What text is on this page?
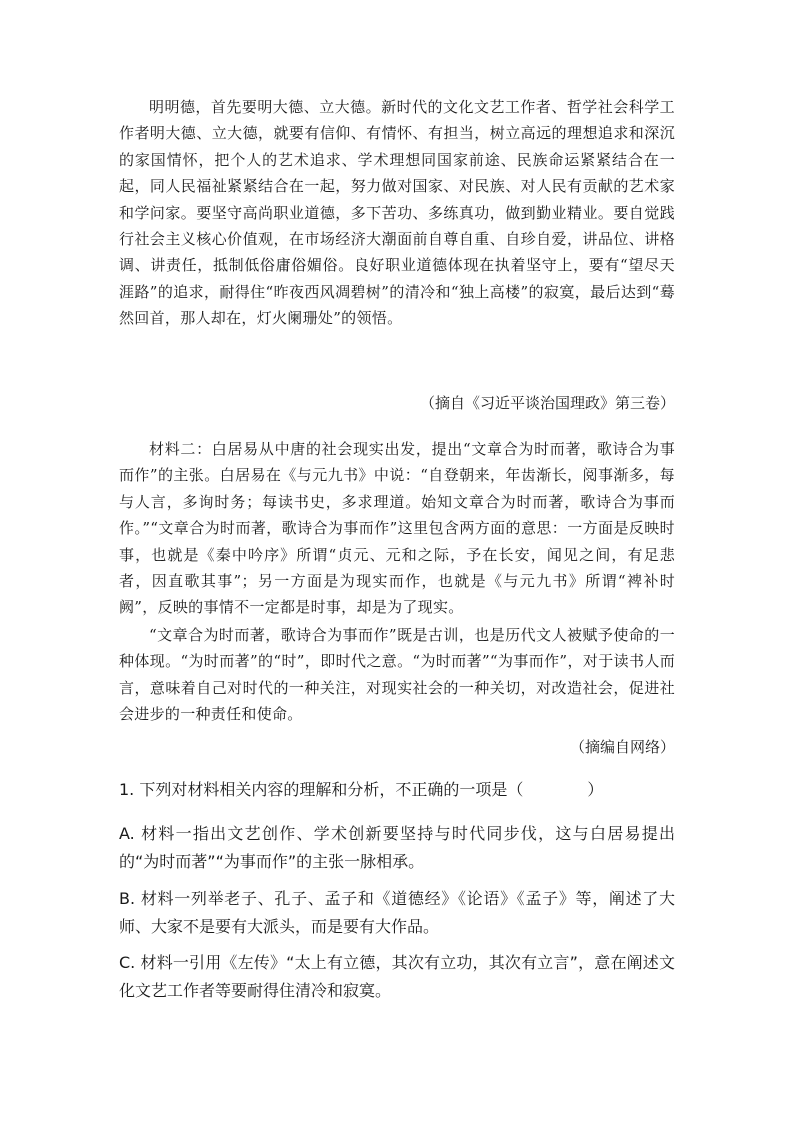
明明德，首先要明大德、立大德。新时代的文化文艺工作者、哲学社会科学工作者明大德、立大德，就要有信仰、有情怀、有担当，树立高远的理想追求和深沉的家国情怀，把个人的艺术追求、学术理想同国家前途、民族命运紧紧结合在一起，同人民福祉紧紧结合在一起，努力做对国家、对民族、对人民有贡献的艺术家和学问家。要坚守高尚职业道德，多下苦功、多练真功，做到勤业精业。要自觉践行社会主义核心价值观，在市场经济大潮面前自尊自重、自珍自爱，讲品位、讲格调、讲责任，抵制低俗庸俗媚俗。良好职业道德体现在执着坚守上，要有“望尽天涯路”的追求，耐得住“昨夜西风凋碧树”的清冷和“独上高楼”的寂寞，最后达到“蓦然回首，那人却在，灯火阑珊处”的领悟。

（摘自《习近平谈治国理政》第三卷）

材料二：白居易从中唐的社会现实出发，提出“文章合为时而著，歌诗合为事而作”的主张。白居易在《与元九书》中说：“自登朝来，年齿渐长，阅事渐多，每与人言，多询时务；每读书史，多求理道。始知文章合为时而著，歌诗合为事而作。”“文章合为时而著，歌诗合为事而作”这里包含两方面的意思：一方面是反映时事，也就是《秦中吟序》所谓“贞元、元和之际，予在长安，闻见之间，有足悲者，因直歌其事”；另一方面是为现实而作，也就是《与元九书》所谓“裨补时阙”，反映的事情不一定都是时事，却是为了现实。

“文章合为时而著，歌诗合为事而作”既是古训，也是历代文人被赋予使命的一种体现。“为时而著”的“时”，即时代之意。“为时而著”“为事而作”，对于读书人而言，意味着自己对时代的一种关注，对现实社会的一种关切，对改造社会，促进社会进步的一种责任和使命。

（摘编自网络）

1. 下列对材料相关内容的理解和分析，不正确的一项是（　　　　）

A. 材料一指出文艺创作、学术创新要坚持与时代同步伐，这与白居易提出的“为时而著”“为事而作”的主张一脉相承。

B. 材料一列举老子、孔子、孟子和《道德经》《论语》《孟子》等，阐述了大师、大家不是要有大派头，而是要有大作品。

C. 材料一引用《左传》“太上有立德，其次有立功，其次有立言”，意在阐述文化文艺工作者等要耐得住清冷和寂寞。
